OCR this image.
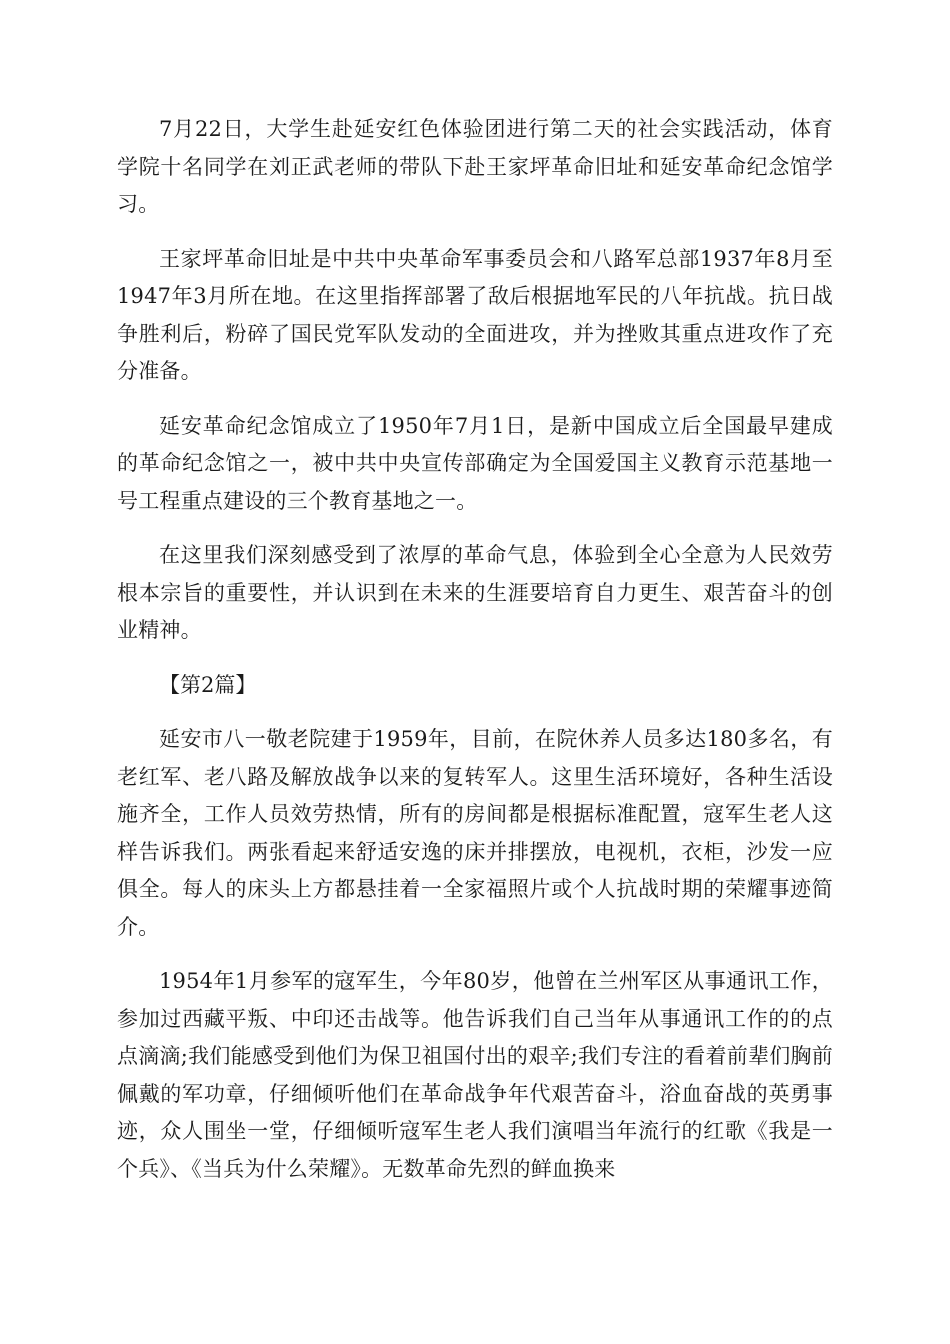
7月22日，大学生赴延安红色体验团进行第二天的社会实践活动，体育学院十名同学在刘正武老师的带队下赴王家坪革命旧址和延安革命纪念馆学习。

王家坪革命旧址是中共中央革命军事委员会和八路军总部1937年8月至1947年3月所在地。在这里指挥部署了敌后根据地军民的八年抗战。抗日战争胜利后，粉碎了国民党军队发动的全面进攻，并为挫败其重点进攻作了充分准备。

延安革命纪念馆成立了1950年7月1日，是新中国成立后全国最早建成的革命纪念馆之一，被中共中央宣传部确定为全国爱国主义教育示范基地一号工程重点建设的三个教育基地之一。

在这里我们深刻感受到了浓厚的革命气息，体验到全心全意为人民效劳根本宗旨的重要性，并认识到在未来的生涯要培育自力更生、艰苦奋斗的创业精神。

【第2篇】

延安市八一敬老院建于1959年，目前，在院休养人员多达180多名，有老红军、老八路及解放战争以来的复转军人。这里生活环境好，各种生活设施齐全，工作人员效劳热情，所有的房间都是根据标准配置，寇军生老人这样告诉我们。两张看起来舒适安逸的床并排摆放，电视机，衣柜，沙发一应俱全。每人的床头上方都悬挂着一全家福照片或个人抗战时期的荣耀事迹简介。

1954年1月参军的寇军生，今年80岁，他曾在兰州军区从事通讯工作，参加过西藏平叛、中印还击战等。他告诉我们自己当年从事通讯工作的的点点滴滴;我们能感受到他们为保卫祖国付出的艰辛;我们专注的看着前辈们胸前佩戴的军功章，仔细倾听他们在革命战争年代艰苦奋斗，浴血奋战的英勇事迹，众人围坐一堂，仔细倾听寇军生老人我们演唱当年流行的红歌《我是一个兵》、《当兵为什么荣耀》。无数革命先烈的鲜血换来
